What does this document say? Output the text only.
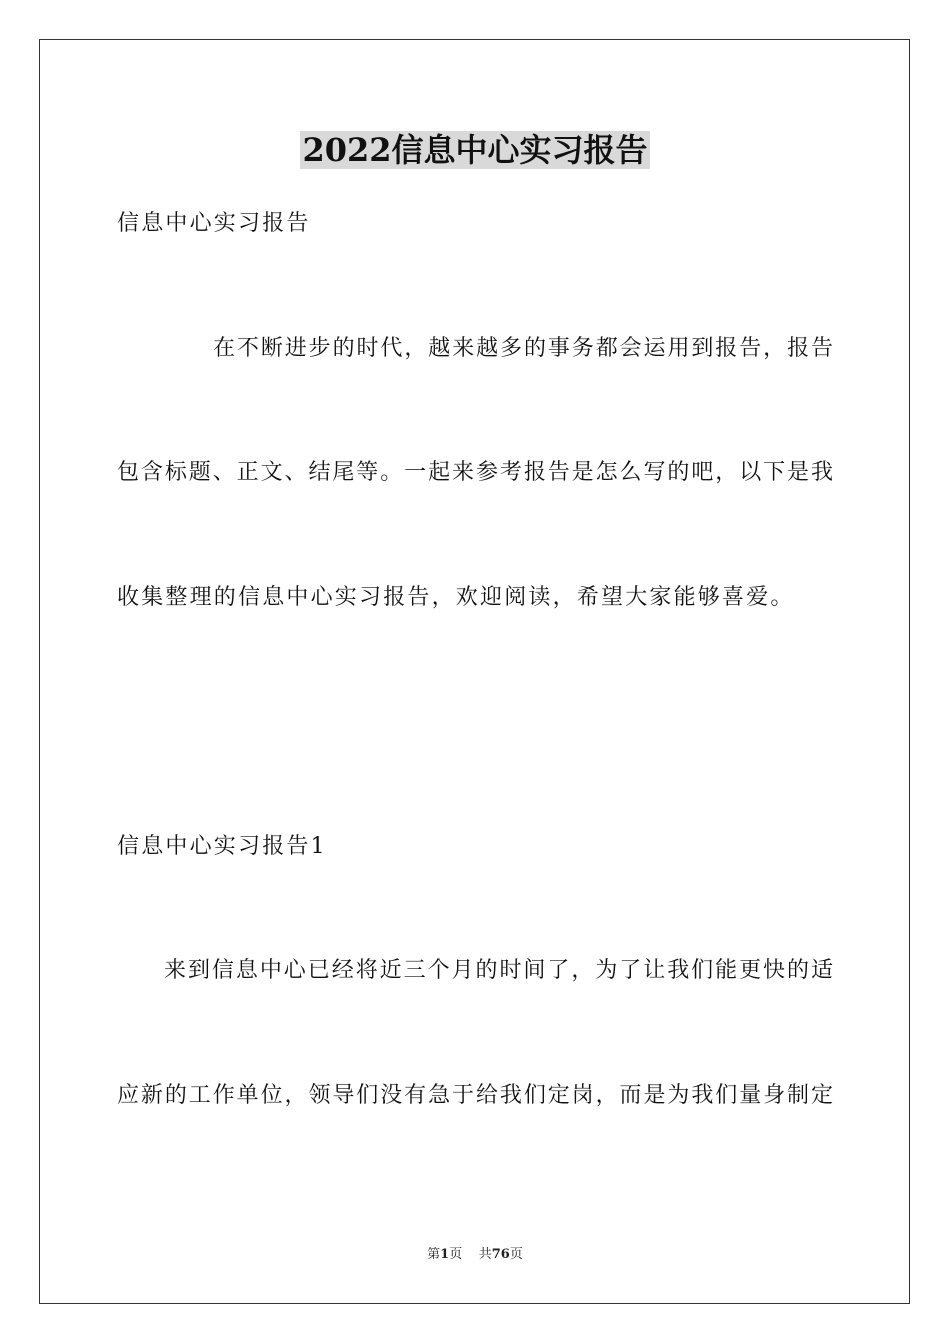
2022信息中心实习报告
信息中心实习报告
在不断进步的时代，越来越多的事务都会运用到报告，报告
包含标题、正文、结尾等。一起来参考报告是怎么写的吧，以下是我
收集整理的信息中心实习报告，欢迎阅读，希望大家能够喜爱。
信息中心实习报告1
来到信息中心已经将近三个月的时间了，为了让我们能更快的适
应新的工作单位，领导们没有急于给我们定岗，而是为我们量身制定
第1页 共76页
